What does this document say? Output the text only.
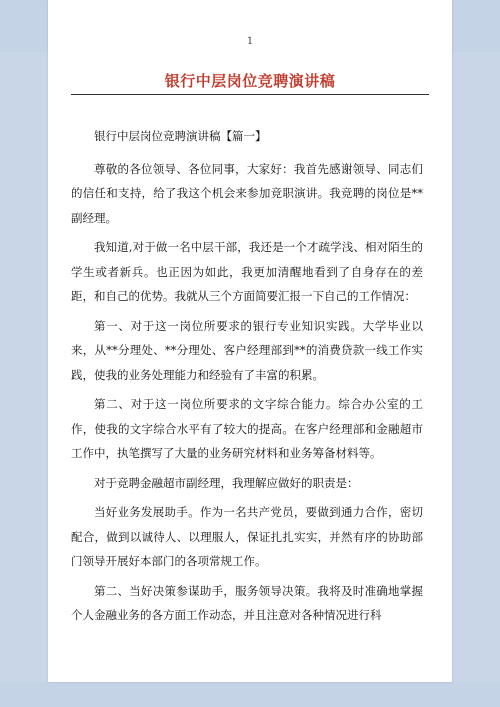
1
银行中层岗位竞聘演讲稿

银行中层岗位竞聘演讲稿【篇一】

尊敬的各位领导、各位同事，大家好：我首先感谢领导、同志们的信任和支持，给了我这个机会来参加竞职演讲。我竞聘的岗位是**副经理。

我知道,对于做一名中层干部，我还是一个才疏学浅、相对陌生的学生或者新兵。也正因为如此，我更加清醒地看到了自身存在的差距，和自己的优势。我就从三个方面简要汇报一下自己的工作情况：

第一、对于这一岗位所要求的银行专业知识实践。大学毕业以来，从**分理处、**分理处、客户经理部到**的消费贷款一线工作实践，使我的业务处理能力和经验有了丰富的积累。

第二、对于这一岗位所要求的文字综合能力。综合办公室的工作，使我的文字综合水平有了较大的提高。在客户经理部和金融超市工作中，执笔撰写了大量的业务研究材料和业务筹备材料等。

对于竞聘金融超市副经理，我理解应做好的职责是：

当好业务发展助手。作为一名共产党员，要做到通力合作，密切配合，做到以诚待人、以理服人，保证扎扎实实，并然有序的协助部门领导开展好本部门的各项常规工作。

第二、当好决策参谋助手，服务领导决策。我将及时准确地掌握个人金融业务的各方面工作动态，并且注意对各种情况进行科
